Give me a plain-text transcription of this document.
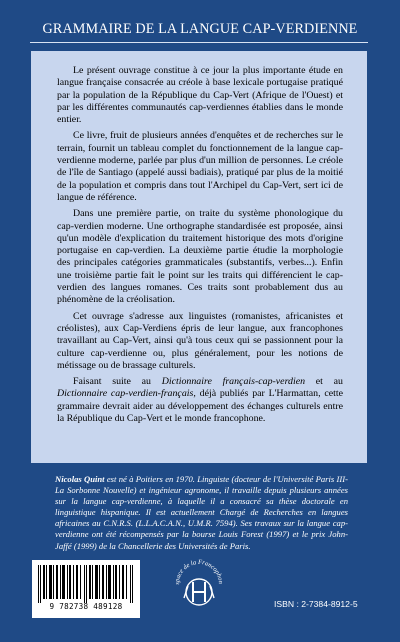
GRAMMAIRE DE LA LANGUE CAP-VERDIENNE

Le présent ouvrage constitue à ce jour la plus importante étude en langue française consacrée au créole à base lexicale portugaise pratiqué par la population de la République du Cap-Vert (Afrique de l'Ouest) et par les différentes communautés cap-verdiennes établies dans le monde entier.

Ce livre, fruit de plusieurs années d'enquêtes et de recherches sur le terrain, fournit un tableau complet du fonctionnement de la langue cap-verdienne moderne, parlée par plus d'un million de personnes. Le créole de l'île de Santiago (appelé aussi badiais), pratiqué par plus de la moitié de la population et compris dans tout l'Archipel du Cap-Vert, sert ici de langue de référence.

Dans une première partie, on traite du système phonologique du cap-verdien moderne. Une orthographe standardisée est proposée, ainsi qu'un modèle d'explication du traitement historique des mots d'origine portugaise en cap-verdien. La deuxième partie étudie la morphologie des principales catégories grammaticales (substantifs, verbes...). Enfin une troisième partie fait le point sur les traits qui différencient le cap-verdien des langues romanes. Ces traits sont probablement dus au phénomène de la créolisation.

Cet ouvrage s'adresse aux linguistes (romanistes, africanistes et créolistes), aux Cap-Verdiens épris de leur langue, aux francophones travaillant au Cap-Vert, ainsi qu'à tous ceux qui se passionnent pour la culture cap-verdienne ou, plus généralement, pour les notions de métissage ou de brassage culturels.

Faisant suite au Dictionnaire français-cap-verdien et au Dictionnaire cap-verdien-français, déjà publiés par L'Harmattan, cette grammaire devrait aider au développement des échanges culturels entre la République du Cap-Vert et le monde francophone.

Nicolas Quint est né à Poitiers en 1970. Linguiste (docteur de l'Université Paris III-La Sorbonne Nouvelle) et ingénieur agronome, il travaille depuis plusieurs années sur la langue cap-verdienne, à laquelle il a consacré sa thèse doctorale en linguistique hispanique. Il est actuellement Chargé de Recherches en langues africaines au C.N.R.S. (L.L.A.C.A.N., U.M.R. 7594). Ses travaux sur la langue cap-verdienne ont été récompensés par la bourse Louis Forest (1997) et le prix John-Jaffé (1999) de la Chancellerie des Universités de Paris.

9 782738 489128
space de la Francophon
ISBN : 2-7384-8912-5
